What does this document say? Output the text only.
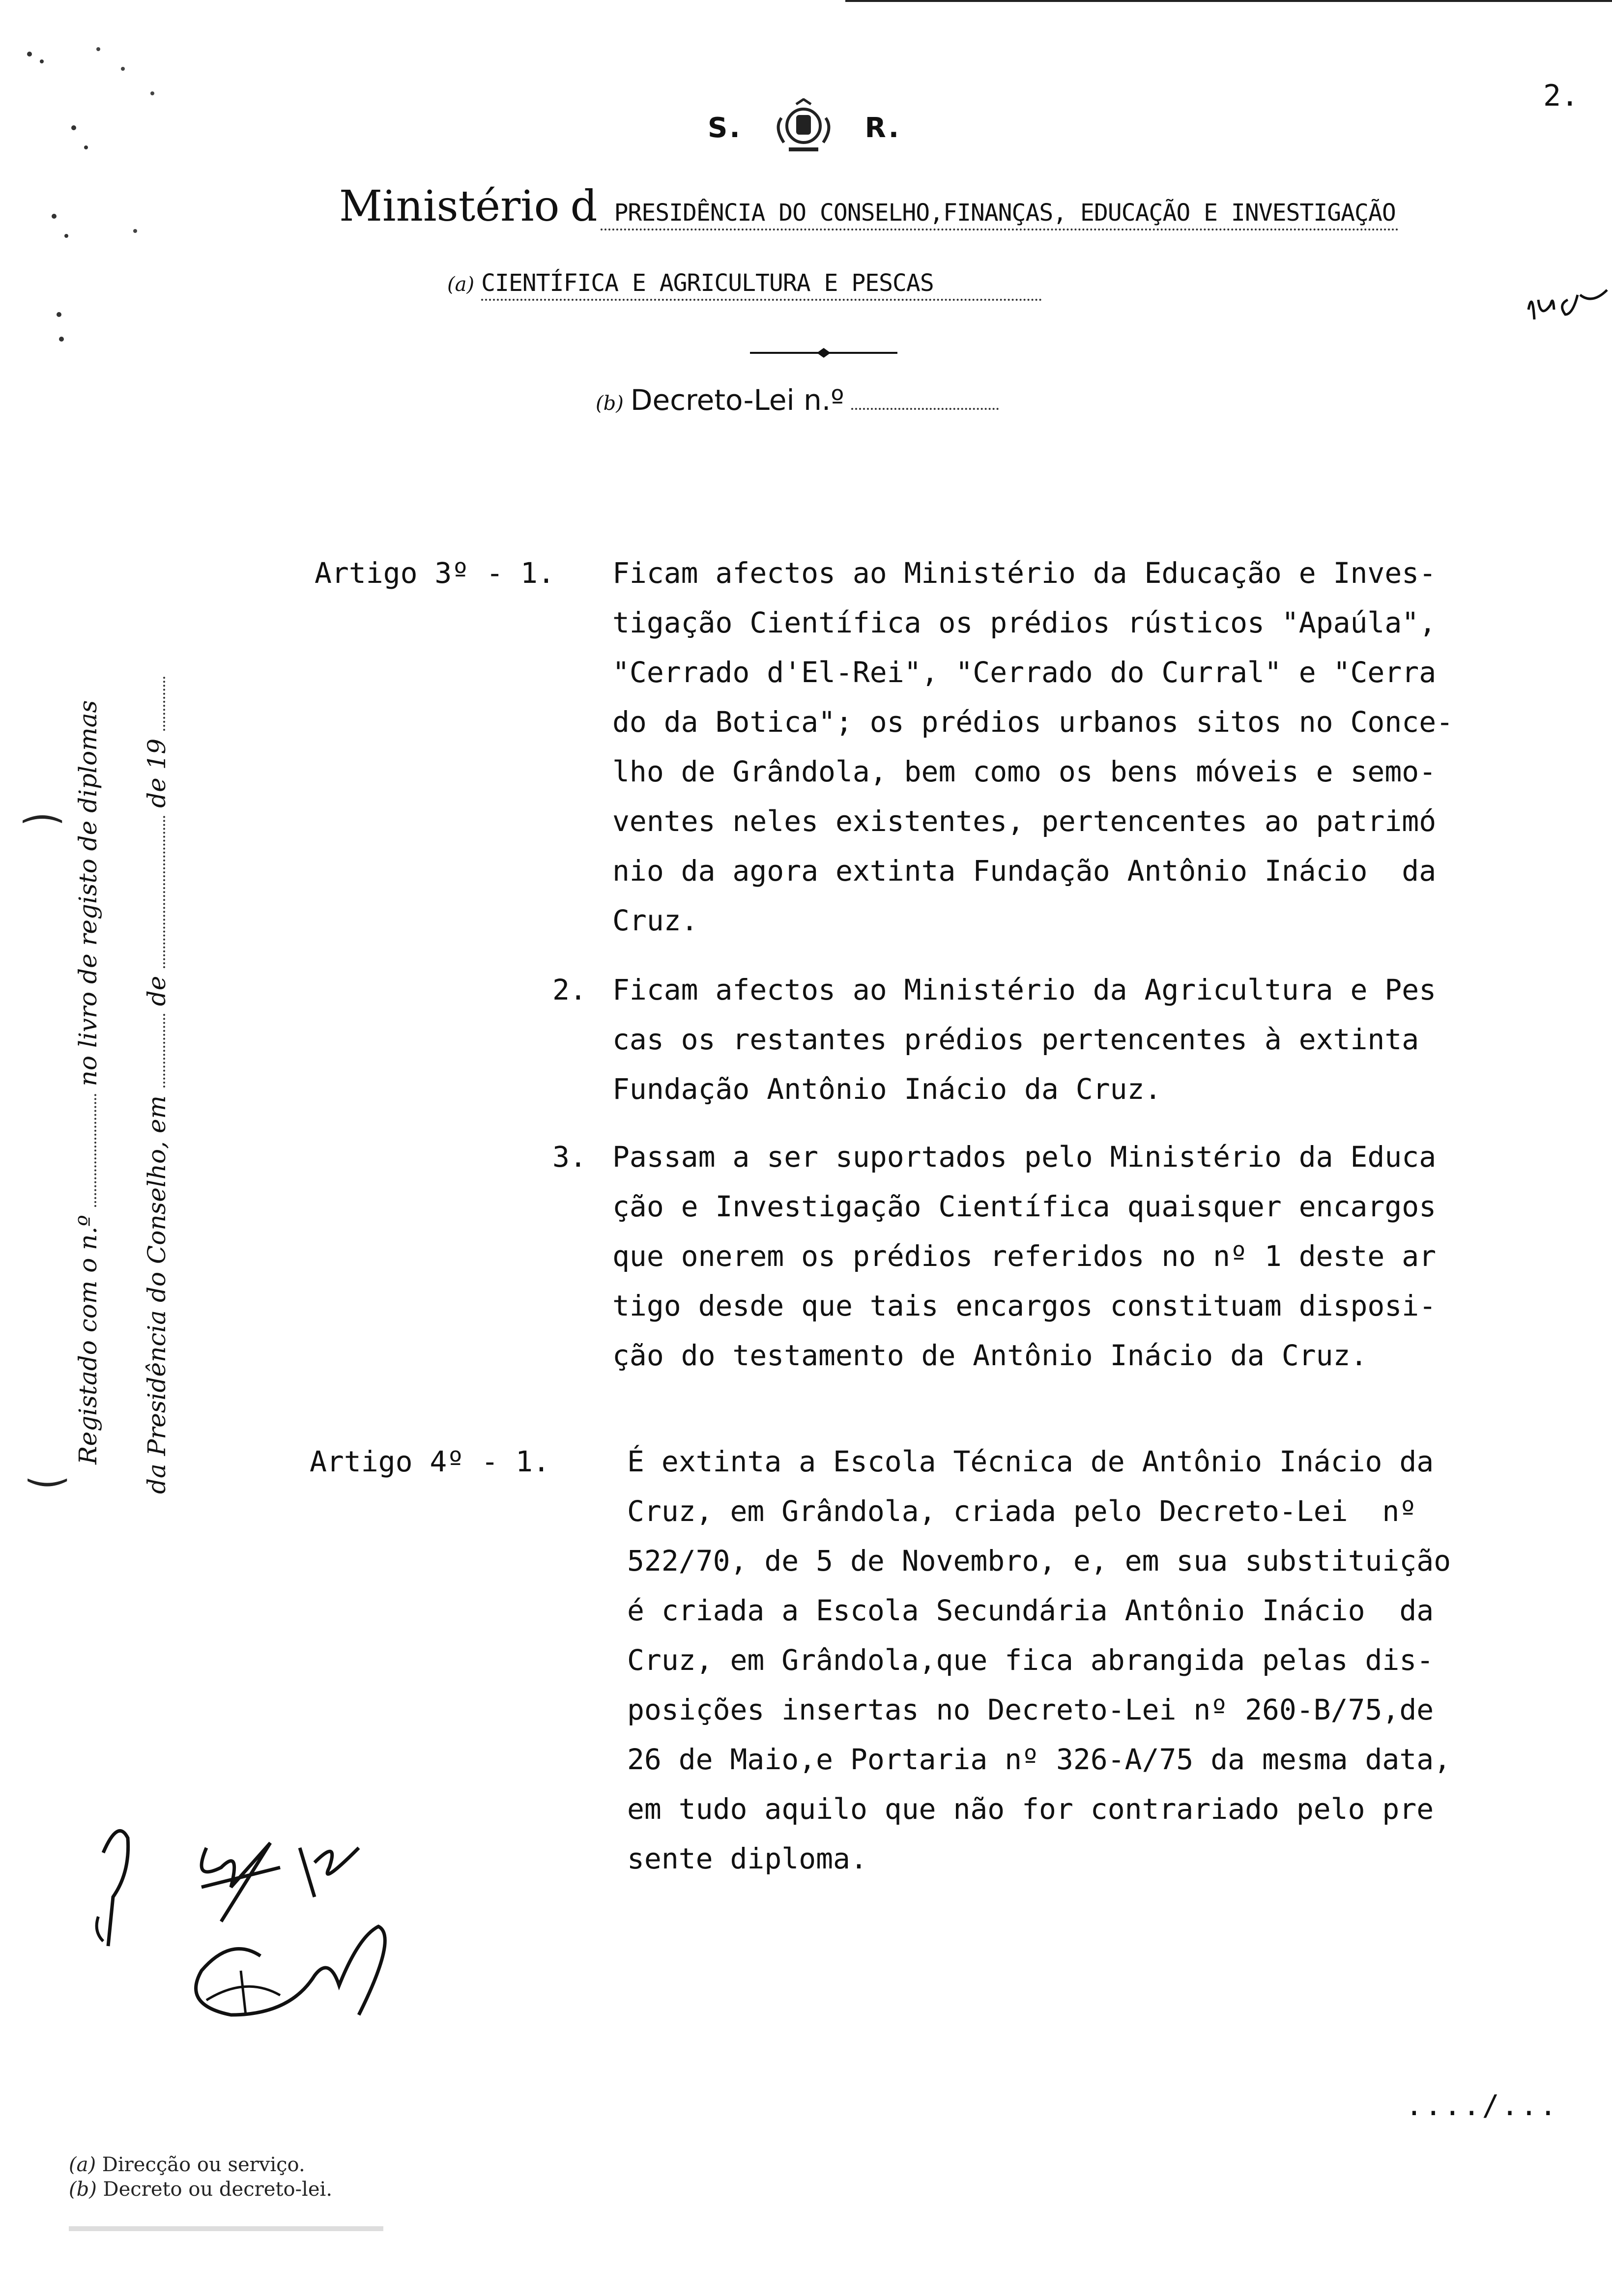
2.
S.	R.
Ministério d PRESIDÊNCIA DO CONSELHO,FINANÇAS, EDUCAÇÃO E INVESTIGAÇÃO
(a) CIENTÍFICA E AGRICULTURA E PESCAS
(b) Decreto-Lei n.º
Registado com o n.º  no livro de registo de diplomas
da Presidência do Conselho, em  de  de 19
⁀
‿
Artigo 3º - 1. Ficam afectos ao Ministério da Educação e Inves-
tigação Científica os prédios rústicos "Apaúla",
"Cerrado d'El-Rei", "Cerrado do Curral" e "Cerra
do da Botica"; os prédios urbanos sitos no Conce-
lho de Grândola, bem como os bens móveis e semo-
ventes neles existentes, pertencentes ao patrimó
nio da agora extinta Fundação Antônio Inácio  da
Cruz.
2. Ficam afectos ao Ministério da Agricultura e Pes
cas os restantes prédios pertencentes à extinta
Fundação Antônio Inácio da Cruz.
3. Passam a ser suportados pelo Ministério da Educa
ção e Investigação Científica quaisquer encargos
que onerem os prédios referidos no nº 1 deste ar
tigo desde que tais encargos constituam disposi-
ção do testamento de Antônio Inácio da Cruz.
Artigo 4º - 1.	É extinta a Escola Técnica de Antônio Inácio da
Cruz, em Grândola, criada pelo Decreto-Lei  nº
522/70, de 5 de Novembro, e, em sua substituição
é criada a Escola Secundária Antônio Inácio  da
Cruz, em Grândola,que fica abrangida pelas dis-
posições insertas no Decreto-Lei nº 260-B/75,de
26 de Maio,e Portaria nº 326-A/75 da mesma data,
em tudo aquilo que não for contrariado pelo pre
sente diploma.
..../...
(a) Direcção ou serviço.
(b) Decreto ou decreto-lei.
